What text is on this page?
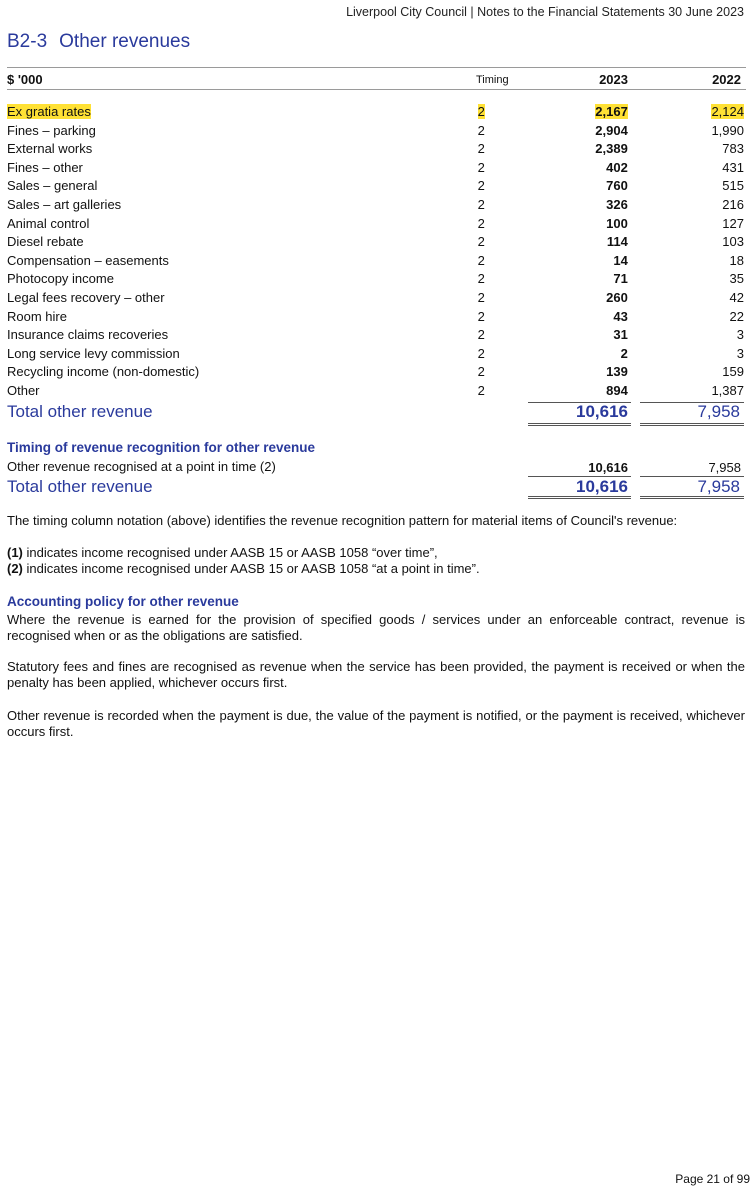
Liverpool City Council | Notes to the Financial Statements 30 June 2023
B2-3 Other revenues
$ '000	Timing	2023	2022
Ex gratia rates	2	2,167		2,124
Fines – parking	2	2,904		1,990
External works	2	2,389		783
Fines – other	2	402		431
Sales – general	2	760		515
Sales – art galleries	2	326		216
Animal control	2	100		127
Diesel rebate	2	114		103
Compensation – easements	2	14		18
Photocopy income	2	71		35
Legal fees recovery – other	2	260		42
Room hire	2	43		22
Insurance claims recoveries	2	31		3
Long service levy commission	2	2		3
Recycling income (non-domestic)	2	139		159
Other	2	894		1,387
Total other revenue	10,616	7,958
Timing of revenue recognition for other revenue
Other revenue recognised at a point in time (2)	10,616	7,958
Total other revenue	10,616	7,958
The timing column notation (above) identifies the revenue recognition pattern for material items of Council's revenue:
(1) indicates income recognised under AASB 15 or AASB 1058 “over time”,
(2) indicates income recognised under AASB 15 or AASB 1058 “at a point in time”.
Accounting policy for other revenue
Where the revenue is earned for the provision of specified goods / services under an enforceable contract, revenue is recognised when or as the obligations are satisfied.
Statutory fees and fines are recognised as revenue when the service has been provided, the payment is received or when the penalty has been applied, whichever occurs first.
Other revenue is recorded when the payment is due, the value of the payment is notified, or the payment is received, whichever occurs first.
Page 21 of 99
